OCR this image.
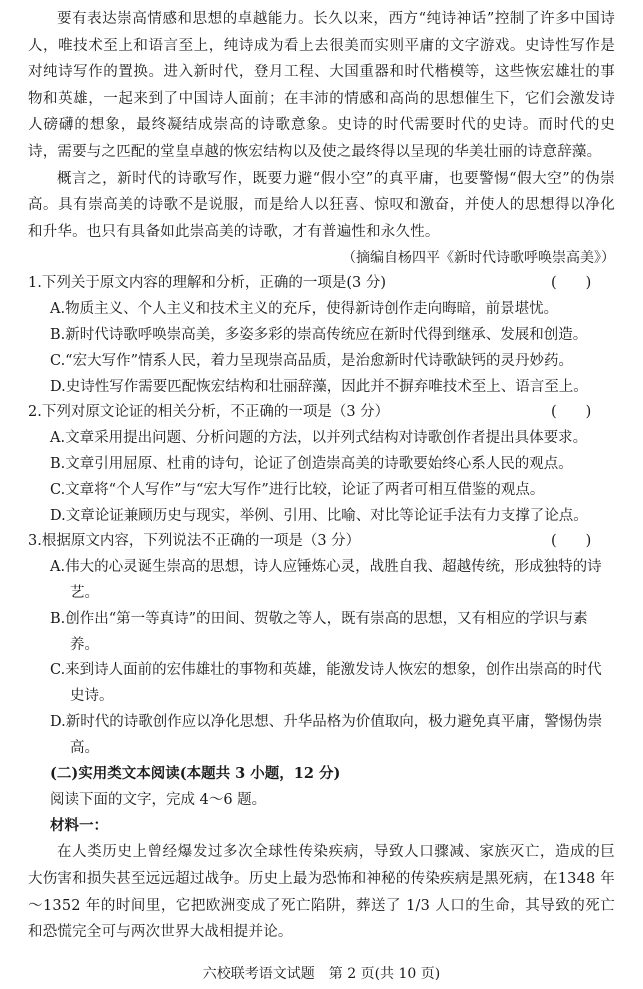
要有表达崇高情感和思想的卓越能力。长久以来，西方“纯诗神话”控制了许多中国诗人，唯技术至上和语言至上，纯诗成为看上去很美而实则平庸的文字游戏。史诗性写作是对纯诗写作的置换。进入新时代，登月工程、大国重器和时代楷模等，这些恢宏雄壮的事物和英雄，一起来到了中国诗人面前；在丰沛的情感和高尚的思想催生下，它们会激发诗人磅礴的想象，最终凝结成崇高的诗歌意象。史诗的时代需要时代的史诗。而时代的史诗，需要与之匹配的堂皇卓越的恢宏结构以及使之最终得以呈现的华美壮丽的诗意辞藻。

概言之，新时代的诗歌写作，既要力避“假小空”的真平庸，也要警惕“假大空”的伪崇高。具有崇高美的诗歌不是说服，而是给人以狂喜、惊叹和激奋，并使人的思想得以净化和升华。也只有具备如此崇高美的诗歌，才有普遍性和永久性。

（摘编自杨四平《新时代诗歌呼唤崇高美》）

1.下列关于原文内容的理解和分析，正确的一项是(3 分)	(　　)

A.物质主义、个人主义和技术主义的充斥，使得新诗创作走向晦暗，前景堪忧。

B.新时代诗歌呼唤崇高美，多姿多彩的崇高传统应在新时代得到继承、发展和创造。

C.“宏大写作”情系人民，着力呈现崇高品质，是治愈新时代诗歌缺钙的灵丹妙药。

D.史诗性写作需要匹配恢宏结构和壮丽辞藻，因此并不摒弃唯技术至上、语言至上。

2.下列对原文论证的相关分析，不正确的一项是（3 分）	(　　)

A.文章采用提出问题、分析问题的方法，以并列式结构对诗歌创作者提出具体要求。

B.文章引用屈原、杜甫的诗句，论证了创造崇高美的诗歌要始终心系人民的观点。

C.文章将“个人写作”与“宏大写作”进行比较，论证了两者可相互借鉴的观点。

D.文章论证兼顾历史与现实，举例、引用、比喻、对比等论证手法有力支撑了论点。

3.根据原文内容，下列说法不正确的一项是（3 分）	(　　)

A.伟大的心灵诞生崇高的思想，诗人应锤炼心灵，战胜自我、超越传统，形成独特的诗艺。

B.创作出“第一等真诗”的田间、贺敬之等人，既有崇高的思想，又有相应的学识与素养。

C.来到诗人面前的宏伟雄壮的事物和英雄，能激发诗人恢宏的想象，创作出崇高的时代史诗。

D.新时代的诗歌创作应以净化思想、升华品格为价值取向，极力避免真平庸，警惕伪崇高。

(二)实用类文本阅读(本题共 3 小题，12 分)

阅读下面的文字，完成 4～6 题。

材料一：

在人类历史上曾经爆发过多次全球性传染疾病，导致人口骤减、家族灭亡，造成的巨大伤害和损失甚至远远超过战争。历史上最为恐怖和神秘的传染疾病是黑死病，在1348 年～1352 年的时间里，它把欧洲变成了死亡陷阱，葬送了 1/3 人口的生命，其导致的死亡和恐慌完全可与两次世界大战相提并论。

六校联考语文试题　第 2 页(共 10 页)
